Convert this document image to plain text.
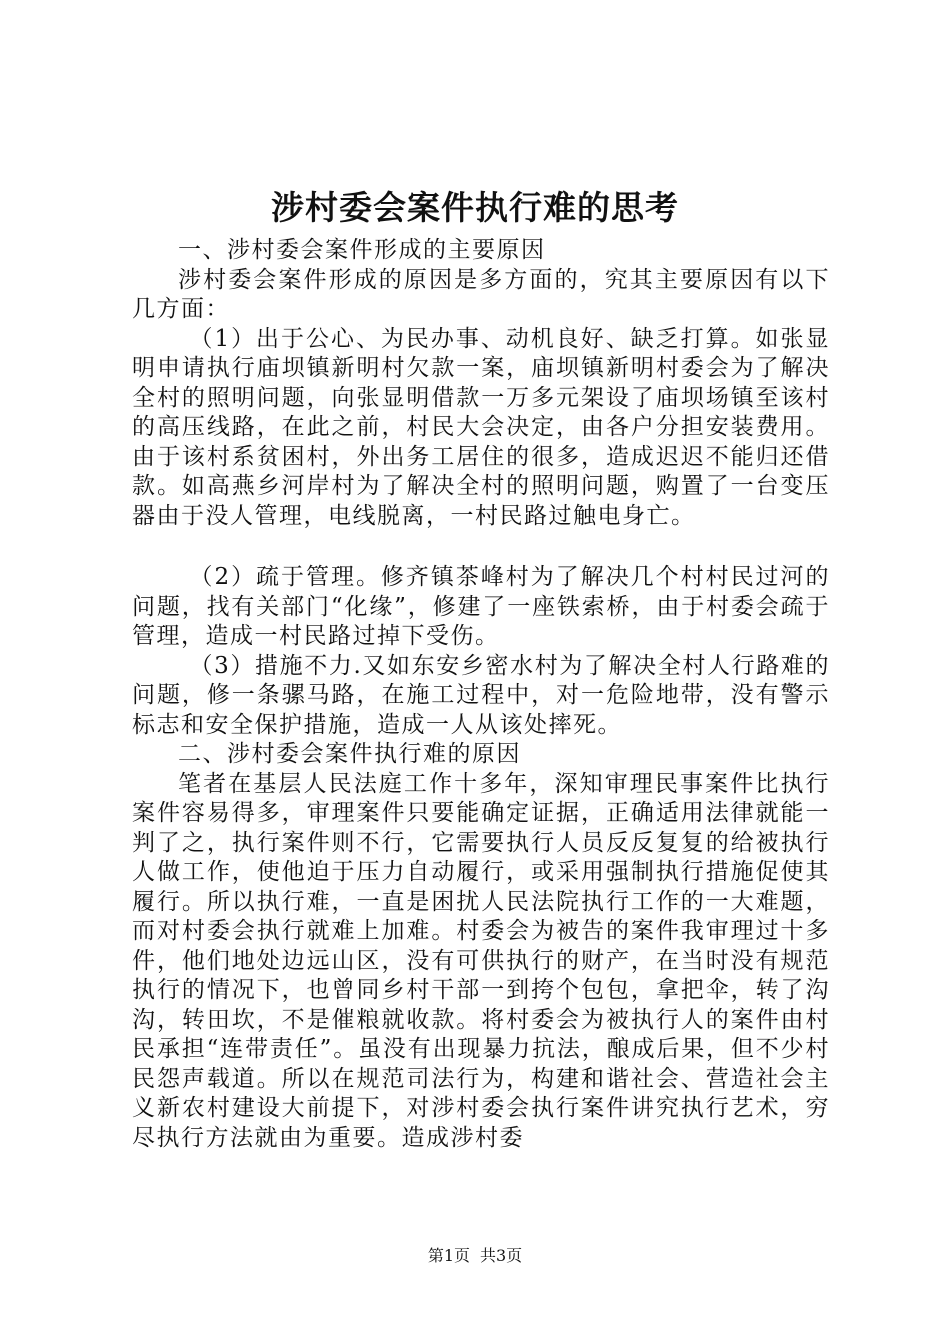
涉村委会案件执行难的思考

一、涉村委会案件形成的主要原因

涉村委会案件形成的原因是多方面的，究其主要原因有以下几方面：

（1）出于公心、为民办事、动机良好、缺乏打算。如张显明申请执行庙坝镇新明村欠款一案，庙坝镇新明村委会为了解决全村的照明问题，向张显明借款一万多元架设了庙坝场镇至该村的高压线路，在此之前，村民大会决定，由各户分担安装费用。由于该村系贫困村，外出务工居住的很多，造成迟迟不能归还借款。如高燕乡河岸村为了解决全村的照明问题，购置了一台变压器由于没人管理，电线脱离，一村民路过触电身亡。

（2）疏于管理。修齐镇茶峰村为了解决几个村村民过河的问题，找有关部门“化缘”，修建了一座铁索桥，由于村委会疏于管理，造成一村民路过掉下受伤。

（3）措施不力.又如东安乡密水村为了解决全村人行路难的问题，修一条骡马路，在施工过程中，对一危险地带，没有警示标志和安全保护措施，造成一人从该处摔死。

二、涉村委会案件执行难的原因

笔者在基层人民法庭工作十多年，深知审理民事案件比执行案件容易得多，审理案件只要能确定证据，正确适用法律就能一判了之，执行案件则不行，它需要执行人员反反复复的给被执行人做工作，使他迫于压力自动履行，或采用强制执行措施促使其履行。所以执行难，一直是困扰人民法院执行工作的一大难题，而对村委会执行就难上加难。村委会为被告的案件我审理过十多件，他们地处边远山区，没有可供执行的财产，在当时没有规范执行的情况下，也曾同乡村干部一到挎个包包，拿把伞，转了沟沟，转田坎，不是催粮就收款。将村委会为被执行人的案件由村民承担“连带责任”。虽没有出现暴力抗法，酿成后果，但不少村民怨声载道。所以在规范司法行为，构建和谐社会、营造社会主义新农村建设大前提下，对涉村委会执行案件讲究执行艺术，穷尽执行方法就由为重要。造成涉村委

第1页 共3页
